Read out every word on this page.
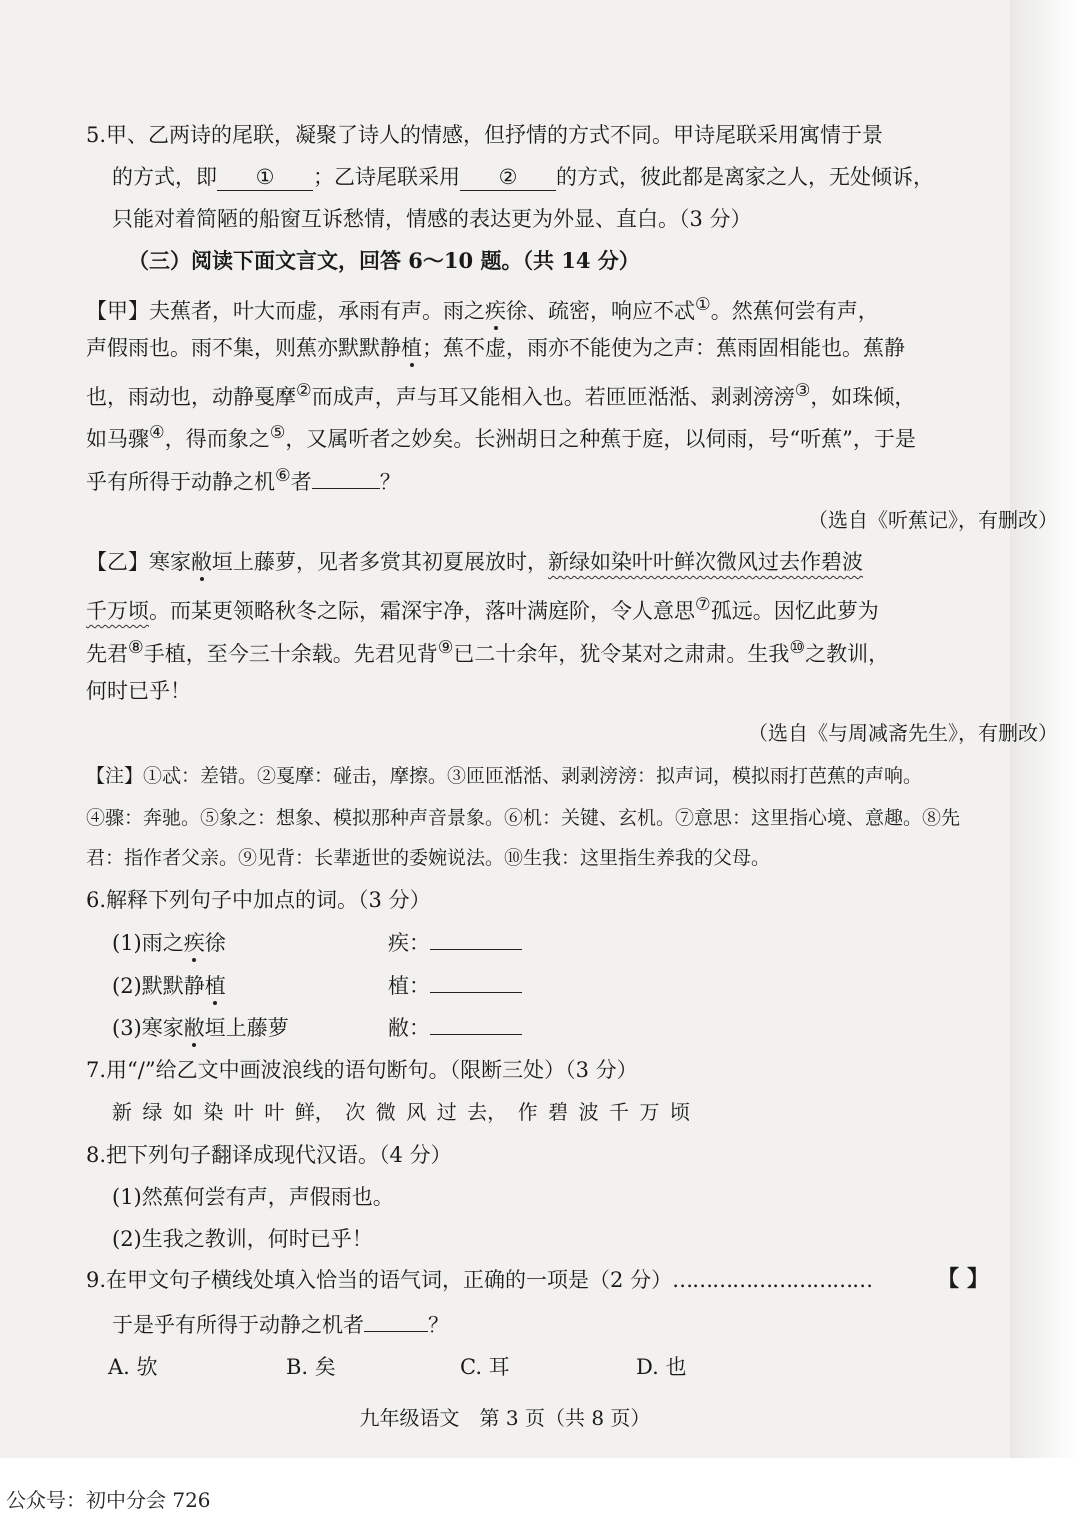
5.甲、乙两诗的尾联，凝聚了诗人的情感，但抒情的方式不同。甲诗尾联采用寓情于景
的方式，即 ① ；乙诗尾联采用 ② 的方式，彼此都是离家之人，无处倾诉，
只能对着简陋的船窗互诉愁情，情感的表达更为外显、直白。（3 分）
（三）阅读下面文言文，回答 6～10 题。（共 14 分）
【甲】夫蕉者，叶大而虚，承雨有声。雨之疾徐、疏密，响应不忒①。然蕉何尝有声，
声假雨也。雨不集，则蕉亦默默静植；蕉不虚，雨亦不能使为之声：蕉雨固相能也。蕉静
也，雨动也，动静戛摩②而成声，声与耳又能相入也。若匝匝湉湉、剥剥滂滂③，如珠倾，
如马骤④，得而象之⑤，又属听者之妙矣。长洲胡日之种蕉于庭，以伺雨，号“听蕉”，于是
乎有所得于动静之机⑥者	？
（选自《听蕉记》，有删改）
【乙】寒家敝垣上藤萝，见者多赏其初夏展放时，新绿如染叶叶鲜次微风过去作碧波
千万顷。而某更领略秋冬之际，霜深宇净，落叶满庭阶，令人意思⑦孤远。因忆此萝为
先君⑧手植，至今三十余载。先君见背⑨已二十余年，犹令某对之肃肃。生我⑩之教训，
何时已乎！
（选自《与周减斋先生》，有删改）
【注】①忒：差错。②戛摩：碰击，摩擦。③匝匝湉湉、剥剥滂滂：拟声词，模拟雨打芭蕉的声响。
④骤：奔驰。⑤象之：想象、模拟那种声音景象。⑥机：关键、玄机。⑦意思：这里指心境、意趣。⑧先
君：指作者父亲。⑨见背：长辈逝世的委婉说法。⑩生我：这里指生养我的父母。
6.解释下列句子中加点的词。（3 分）
(1)雨之疾徐	疾：
(2)默默静植	植：
(3)寒家敝垣上藤萝	敝：
7.用“/”给乙文中画波浪线的语句断句。（限断三处）（3 分）
新 绿 如 染 叶 叶 鲜， 次 微 风 过 去， 作 碧 波 千 万 顷
8.把下列句子翻译成现代汉语。（4 分）
(1)然蕉何尝有声，声假雨也。
(2)生我之教训，何时已乎！
9.在甲文句子横线处填入恰当的语气词，正确的一项是（2 分）…………………………	【 】
于是乎有所得于动静之机者	？
A. 欤	B. 矣	C. 耳	D. 也
九年级语文　第 3 页（共 8 页）
公众号：初中分会 726
